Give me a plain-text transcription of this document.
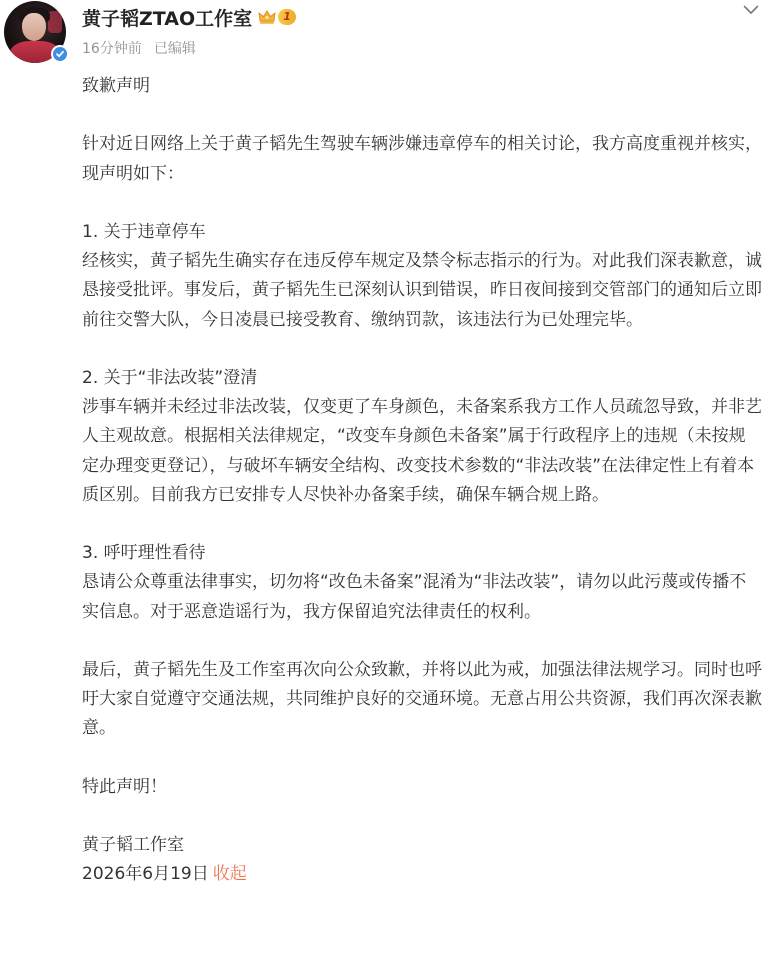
黄子韬ZTAO工作室	1
16分钟前 已编辑

致歉声明

针对近日网络上关于黄子韬先生驾驶车辆涉嫌违章停车的相关讨论，我方高度重视并核实，现声明如下：

1. 关于违章停车

经核实，黄子韬先生确实存在违反停车规定及禁令标志指示的行为。对此我们深表歉意，诚恳接受批评。事发后，黄子韬先生已深刻认识到错误，昨日夜间接到交管部门的通知后立即前往交警大队，今日凌晨已接受教育、缴纳罚款，该违法行为已处理完毕。

2. 关于“非法改装”澄清

涉事车辆并未经过非法改装，仅变更了车身颜色，未备案系我方工作人员疏忽导致，并非艺人主观故意。根据相关法律规定，“改变车身颜色未备案”属于行政程序上的违规（未按规定办理变更登记），与破坏车辆安全结构、改变技术参数的“非法改装”在法律定性上有着本质区别。目前我方已安排专人尽快补办备案手续，确保车辆合规上路。

3. 呼吁理性看待

恳请公众尊重法律事实，切勿将“改色未备案”混淆为“非法改装”，请勿以此污蔑或传播不实信息。对于恶意造谣行为，我方保留追究法律责任的权利。

最后，黄子韬先生及工作室再次向公众致歉，并将以此为戒，加强法律法规学习。同时也呼吁大家自觉遵守交通法规，共同维护良好的交通环境。无意占用公共资源，我们再次深表歉意。

特此声明！

黄子韬工作室

2026年6月19日 收起
